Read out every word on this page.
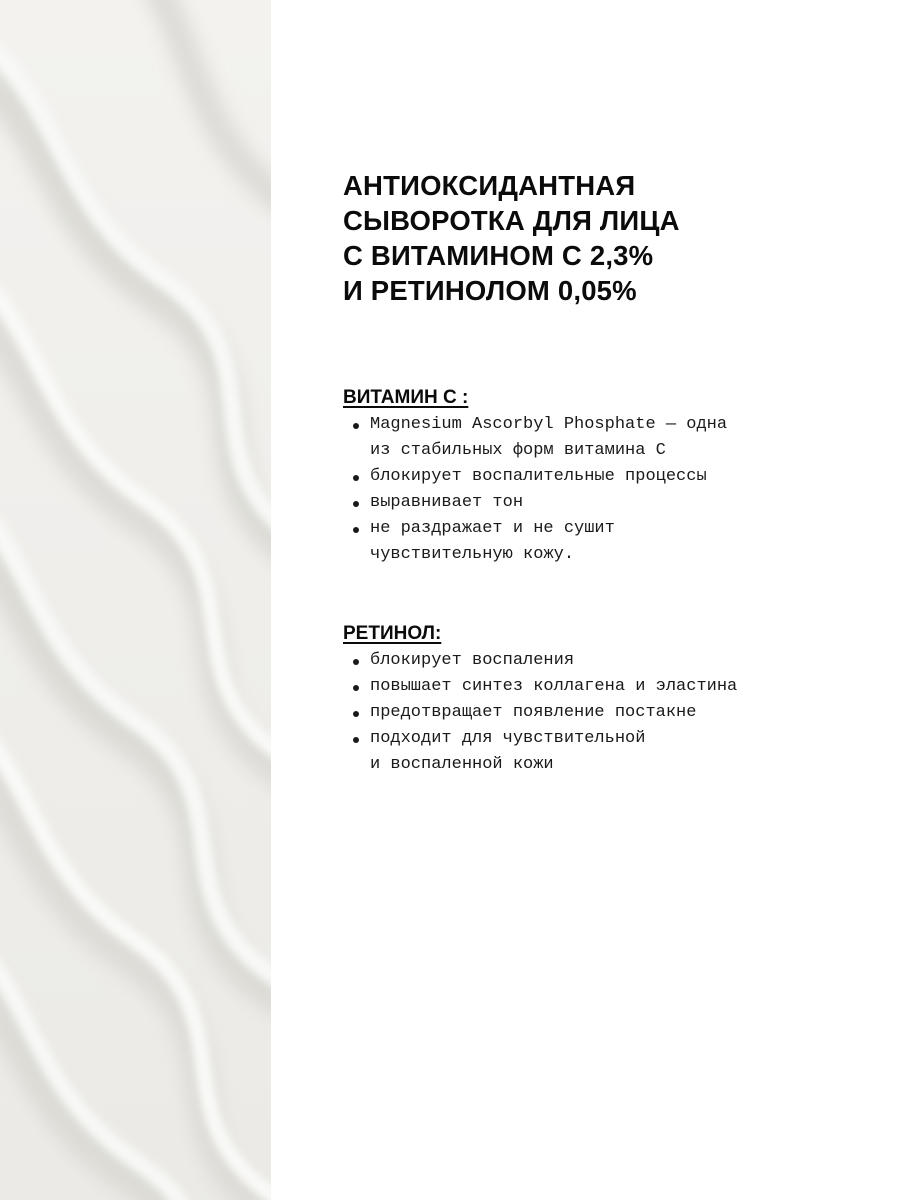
АНТИОКСИДАНТНАЯ
СЫВОРОТКА ДЛЯ ЛИЦА
С ВИТАМИНОМ С 2,3%
И РЕТИНОЛОМ 0,05%
ВИТАМИН С :
Magnesium Ascorbyl Phosphate — одна
из стабильных форм витамина С
блокирует воспалительные процессы
выравнивает тон
не раздражает и не сушит
чувствительную кожу.
РЕТИНОЛ:
блокирует воспаления
повышает синтез коллагена и эластина
предотвращает появление постакне
подходит для чувствительной
и воспаленной кожи
